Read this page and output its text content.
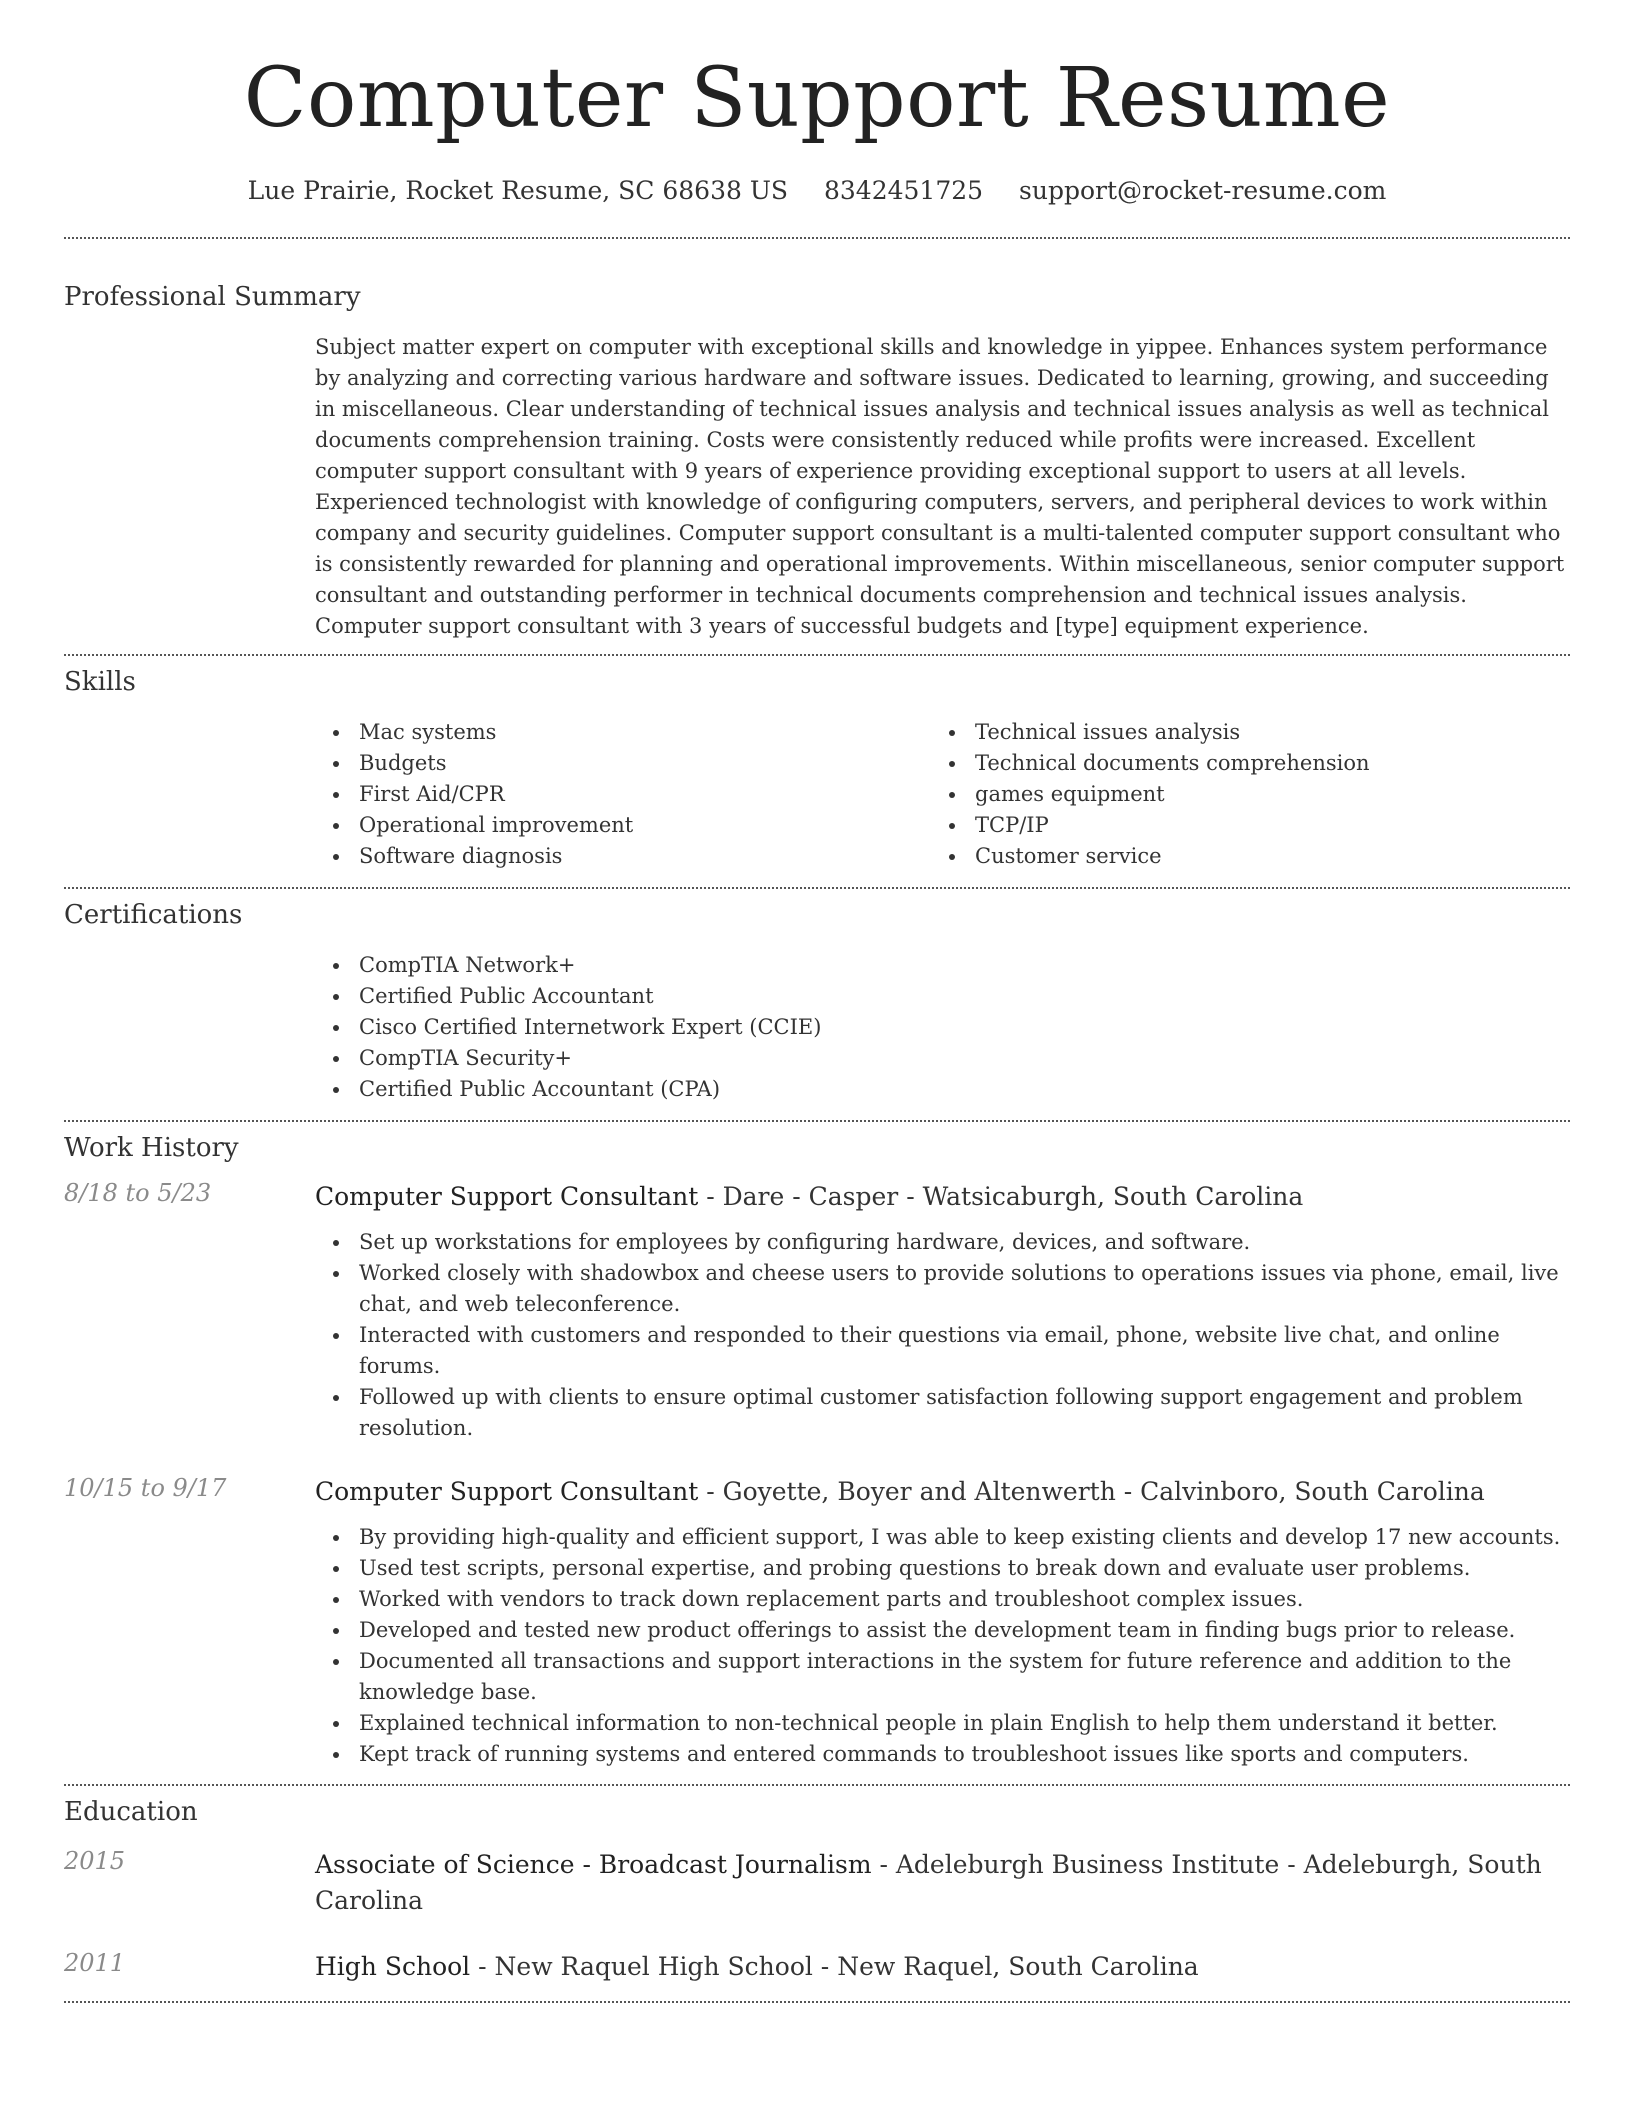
Computer Support Resume
Lue Prairie, Rocket Resume, SC 68638 US 8342451725 support@rocket-resume.com
Professional Summary

Subject matter expert on computer with exceptional skills and knowledge in yippee. Enhances system performance by analyzing and correcting various hardware and software issues. Dedicated to learning, growing, and succeeding in miscellaneous. Clear understanding of technical issues analysis and technical issues analysis as well as technical documents comprehension training. Costs were consistently reduced while profits were increased. Excellent computer support consultant with 9 years of experience providing exceptional support to users at all levels. Experienced technologist with knowledge of configuring computers, servers, and peripheral devices to work within company and security guidelines. Computer support consultant is a multi-talented computer support consultant who is consistently rewarded for planning and operational improvements. Within miscellaneous, senior computer support consultant and outstanding performer in technical documents comprehension and technical issues analysis. Computer support consultant with 3 years of successful budgets and [type] equipment experience.

Skills
Mac systems
Budgets
First Aid/CPR
Operational improvement
Software diagnosis
Technical issues analysis
Technical documents comprehension
games equipment
TCP/IP
Customer service
Certifications
CompTIA Network+
Certified Public Accountant
Cisco Certified Internetwork Expert (CCIE)
CompTIA Security+
Certified Public Accountant (CPA)
Work History
8/18 to 5/23	Computer Support Consultant - Dare - Casper - Watsicaburgh, South Carolina
Set up workstations for employees by configuring hardware, devices, and software.
Worked closely with shadowbox and cheese users to provide solutions to operations issues via phone, email, live chat, and web teleconference.
Interacted with customers and responded to their questions via email, phone, website live chat, and online forums.
Followed up with clients to ensure optimal customer satisfaction following support engagement and problem resolution.
10/15 to 9/17	Computer Support Consultant - Goyette, Boyer and Altenwerth - Calvinboro, South Carolina
By providing high-quality and efficient support, I was able to keep existing clients and develop 17 new accounts.
Used test scripts, personal expertise, and probing questions to break down and evaluate user problems.
Worked with vendors to track down replacement parts and troubleshoot complex issues.
Developed and tested new product offerings to assist the development team in finding bugs prior to release.
Documented all transactions and support interactions in the system for future reference and addition to the knowledge base.
Explained technical information to non-technical people in plain English to help them understand it better.
Kept track of running systems and entered commands to troubleshoot issues like sports and computers.
Education
2015	Associate of Science - Broadcast Journalism - Adeleburgh Business Institute - Adeleburgh, South Carolina
2011	High School - New Raquel High School - New Raquel, South Carolina
